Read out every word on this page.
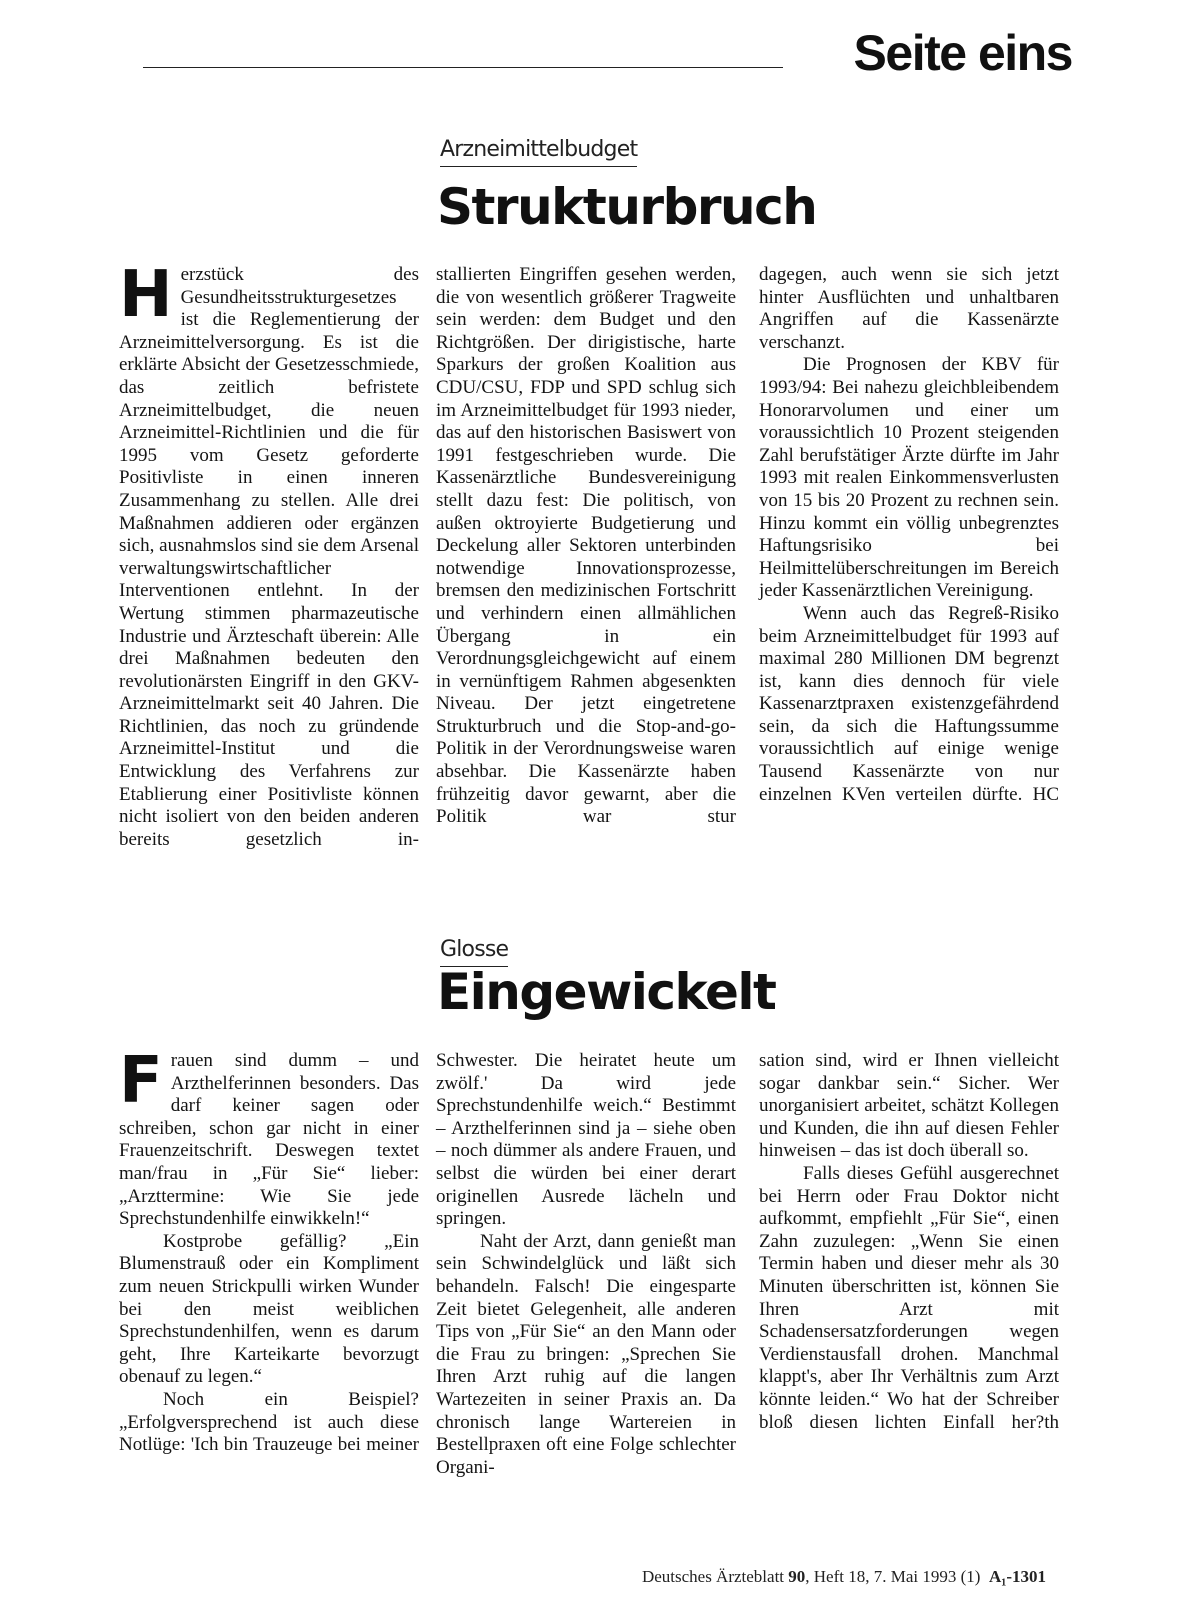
Seite eins
Arzneimittelbudget
Strukturbruch

Herzstück des Gesundheitsstrukturgesetzes ist die Reglementierung der Arzneimittelversorgung. Es ist die erklärte Absicht der Gesetzesschmiede, das zeitlich befristete Arzneimittelbudget, die neuen Arzneimittel-Richtlinien und die für 1995 vom Gesetz geforderte Positivliste in einen inneren Zusammenhang zu stellen. Alle drei Maßnahmen addieren oder ergänzen sich, ausnahmslos sind sie dem Arsenal verwaltungswirtschaftlicher Interventionen entlehnt. In der Wertung stimmen pharmazeutische Industrie und Ärzteschaft überein: Alle drei Maßnahmen bedeuten den revolutionärsten Eingriff in den GKV-Arzneimittelmarkt seit 40 Jahren. Die Richtlinien, das noch zu gründende Arzneimittel-Institut und die Entwicklung des Verfahrens zur Etablierung einer Positivliste können nicht isoliert von den beiden anderen bereits gesetzlich in-

stallierten Eingriffen gesehen werden, die von wesentlich größerer Tragweite sein werden: dem Budget und den Richtgrößen. Der dirigistische, harte Sparkurs der großen Koalition aus CDU/CSU, FDP und SPD schlug sich im Arzneimittelbudget für 1993 nieder, das auf den historischen Basiswert von 1991 festgeschrieben wurde. Die Kassenärztliche Bundesvereinigung stellt dazu fest: Die politisch, von außen oktroyierte Budgetierung und Deckelung aller Sektoren unterbinden notwendige Innovationsprozesse, bremsen den medizinischen Fortschritt und verhindern einen allmählichen Übergang in ein Verordnungsgleichgewicht auf einem in vernünftigem Rahmen abgesenkten Niveau. Der jetzt eingetretene Strukturbruch und die Stop-and-go-Politik in der Verordnungsweise waren absehbar. Die Kassenärzte haben frühzeitig davor gewarnt, aber die Politik war stur

dagegen, auch wenn sie sich jetzt hinter Ausflüchten und unhaltbaren Angriffen auf die Kassenärzte verschanzt.

Die Prognosen der KBV für 1993/94: Bei nahezu gleichbleibendem Honorarvolumen und einer um voraussichtlich 10 Prozent steigenden Zahl berufstätiger Ärzte dürfte im Jahr 1993 mit realen Einkommensverlusten von 15 bis 20 Prozent zu rechnen sein. Hinzu kommt ein völlig unbegrenztes Haftungsrisiko bei Heilmittelüberschreitungen im Bereich jeder Kassenärztlichen Vereinigung.

Wenn auch das Regreß-Risiko beim Arzneimittelbudget für 1993 auf maximal 280 Millionen DM begrenzt ist, kann dies dennoch für viele Kassenarztpraxen existenzgefährdend sein, da sich die Haftungssumme voraussichtlich auf einige wenige Tausend Kassenärzte von nur einzelnen KVen verteilen dürfte. HC

Glosse
Eingewickelt

Frauen sind dumm – und Arzthelferinnen besonders. Das darf keiner sagen oder schreiben, schon gar nicht in einer Frauenzeitschrift. Deswegen textet man/frau in „Für Sie“ lieber: „Arzttermine: Wie Sie jede Sprechstundenhilfe einwikkeln!“

Kostprobe gefällig? „Ein Blumenstrauß oder ein Kompliment zum neuen Strickpulli wirken Wunder bei den meist weiblichen Sprechstundenhilfen, wenn es darum geht, Ihre Karteikarte bevorzugt obenauf zu legen.“

Noch ein Beispiel? „Erfolgversprechend ist auch diese Notlüge: 'Ich bin Trauzeuge bei meiner

Schwester. Die heiratet heute um zwölf.' Da wird jede Sprechstundenhilfe weich.“ Bestimmt – Arzthelferinnen sind ja – siehe oben – noch dümmer als andere Frauen, und selbst die würden bei einer derart originellen Ausrede lächeln und springen.

Naht der Arzt, dann genießt man sein Schwindelglück und läßt sich behandeln. Falsch! Die eingesparte Zeit bietet Gelegenheit, alle anderen Tips von „Für Sie“ an den Mann oder die Frau zu bringen: „Sprechen Sie Ihren Arzt ruhig auf die langen Wartezeiten in seiner Praxis an. Da chronisch lange Wartereien in Bestellpraxen oft eine Folge schlechter Organi-

sation sind, wird er Ihnen vielleicht sogar dankbar sein.“ Sicher. Wer unorganisiert arbeitet, schätzt Kollegen und Kunden, die ihn auf diesen Fehler hinweisen – das ist doch überall so.

Falls dieses Gefühl ausgerechnet bei Herrn oder Frau Doktor nicht aufkommt, empfiehlt „Für Sie“, einen Zahn zuzulegen: „Wenn Sie einen Termin haben und dieser mehr als 30 Minuten überschritten ist, können Sie Ihren Arzt mit Schadensersatzforderungen wegen Verdienstausfall drohen. Manchmal klappt's, aber Ihr Verhältnis zum Arzt könnte leiden.“ Wo hat der Schreiber bloß diesen lichten Einfall her?th

Deutsches Ärzteblatt 90, Heft 18, 7. Mai 1993 (1) A₁-1301
